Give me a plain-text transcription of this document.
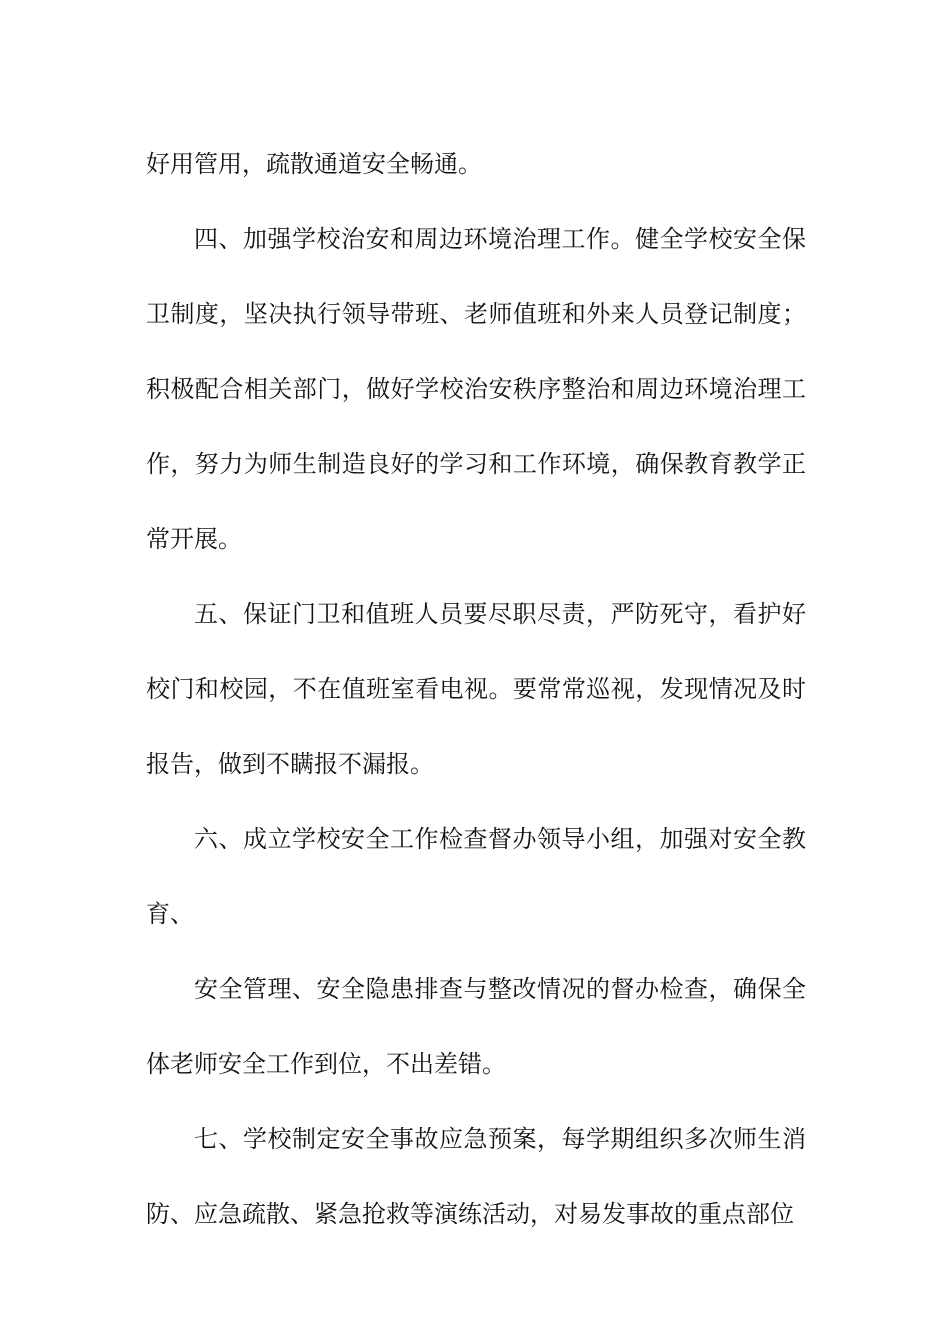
好用管用，疏散通道安全畅通。

四、加强学校治安和周边环境治理工作。健全学校安全保卫制度，坚决执行领导带班、老师值班和外来人员登记制度；积极配合相关部门，做好学校治安秩序整治和周边环境治理工作，努力为师生制造良好的学习和工作环境，确保教育教学正常开展。

五、保证门卫和值班人员要尽职尽责，严防死守，看护好校门和校园，不在值班室看电视。要常常巡视，发现情况及时报告，做到不瞒报不漏报。

六、成立学校安全工作检查督办领导小组，加强对安全教育、

安全管理、安全隐患排查与整改情况的督办检查，确保全体老师安全工作到位，不出差错。

七、学校制定安全事故应急预案，每学期组织多次师生消防、应急疏散、紧急抢救等演练活动，对易发事故的重点部位
